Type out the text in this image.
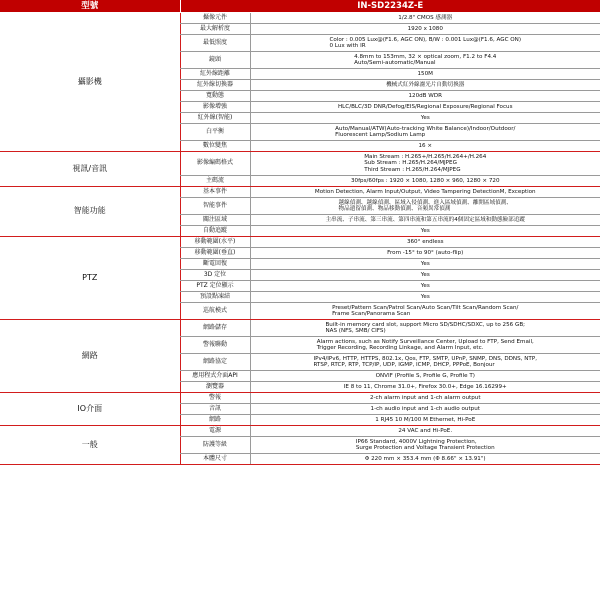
型號	IN-SD2234Z-E	
攝影機	攝像元件	1/2.8" CMOS 感測器
	最大解析度	1920 x 1080
	最低照度	Color : 0.005 Lux@(F1.6, AGC ON), B/W : 0.001 Lux@(F1.6, AGC ON)
0 Lux with IR
	鏡頭	4.8mm to 153mm, 32 × optical zoom, F1.2 to F4.4
Auto/Semi-automatic/Manual
	紅外線距離	150M
	紅外線切換器	機械式紅外線濾光片自動切換器
	寬動態	120dB WDR
	影像增強	HLC/BLC/3D DNR/Defog/EIS/Regional Exposure/Regional Focus
	紅外線(智能)	Yes
	白平衡	Auto/Manual/ATW(Auto-tracking White Balance)/Indoor/Outdoor/
Fluorescent Lamp/Sodium Lamp
	數位變焦	16 ×
視訊/音訊	影像編碼格式	Main Stream : H.265+/H.265/H.264+/H.264
Sub Stream : H.265/H.264/MJPEG
Third Stream : H.265/H.264/MJPEG
	主碼流	30fps/60fps : 1920 × 1080, 1280 × 960, 1280 × 720
智能功能	基本事件	Motion Detection, Alarm Input/Output, Video Tampering DetectionM, Exception
	智能事件	越線偵測、越線偵測、區域入侵偵測、進入區域偵測、離開區域偵測、
物品遺留偵測、物品移動偵測、音頻異常偵測
	關注區域	主串流、子串流、第三串流、第四串流和第五串流的4個固定區域和動態臉部追蹤
	自動追蹤	Yes
PTZ	移動範圍(水平)	360° endless
	移動範圍(垂直)	From -15° to 90° (auto-flip)
	斷電回復	Yes
	3D 定位	Yes
	PTZ 定位顯示	Yes
	預設點凍結	Yes
	巡航模式	Preset/Pattern Scan/Patrol Scan/Auto Scan/Tilt Scan/Random Scan/
Frame Scan/Panorama Scan
網路	網路儲存	Built-in memory card slot, support Micro SD/SDHC/SDXC, up to 256 GB;
NAS (NFS, SMB/ CIFS)
	警報聯動	Alarm actions, such as Notify Surveillance Center, Upload to FTP, Send Email,
Trigger Recording, Recording Linkage, and Alarm Input, etc.
	網路協定	IPv4/IPv6, HTTP, HTTPS, 802.1x, Qos, FTP, SMTP, UPnP, SNMP, DNS, DDNS, NTP,
RTSP, RTCP, RTP, TCP/IP, UDP, IGMP, ICMP, DHCP, PPPoE, Bonjour
	應用程式介面API	ONVIF (Profile S, Profile G, Profile T)
	瀏覽器	IE 8 to 11, Chrome 31.0+, Firefox 30.0+, Edge 16.16299+
IO介面	警報	2-ch alarm input and 1-ch alarm output
	音訊	1-ch audio input and 1-ch audio output
	網路	1 RJ45 10 M/100 M Ethernet, Hi-PoE
一般	電源	24 VAC and Hi-PoE.
	防護等級	IP66 Standard, 4000V Lightning Protection,
Surge Protection and Voltage Transient Protection
	本體尺寸	Φ 220 mm × 353.4 mm (Φ 8.66" × 13.91")
